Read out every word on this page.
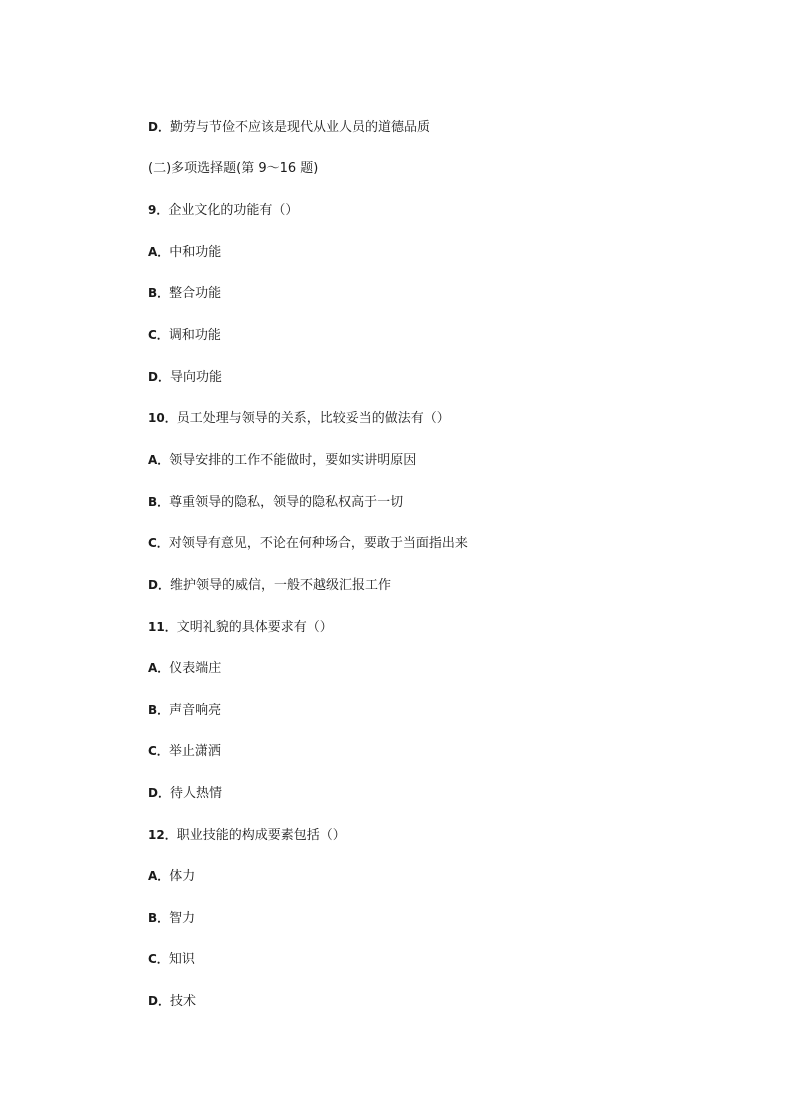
D．勤劳与节俭不应该是现代从业人员的道德品质
(二)多项选择题(第 9～16 题)
9．企业文化的功能有（）
A．中和功能
B．整合功能
C．调和功能
D．导向功能
10．员工处理与领导的关系，比较妥当的做法有（）
A．领导安排的工作不能做时，要如实讲明原因
B．尊重领导的隐私，领导的隐私权高于一切
C．对领导有意见，不论在何种场合，要敢于当面指出来
D．维护领导的威信，一般不越级汇报工作
11．文明礼貌的具体要求有（）
A．仪表端庄
B．声音响亮
C．举止潇洒
D．待人热情
12．职业技能的构成要素包括（）
A．体力
B．智力
C．知识
D．技术
